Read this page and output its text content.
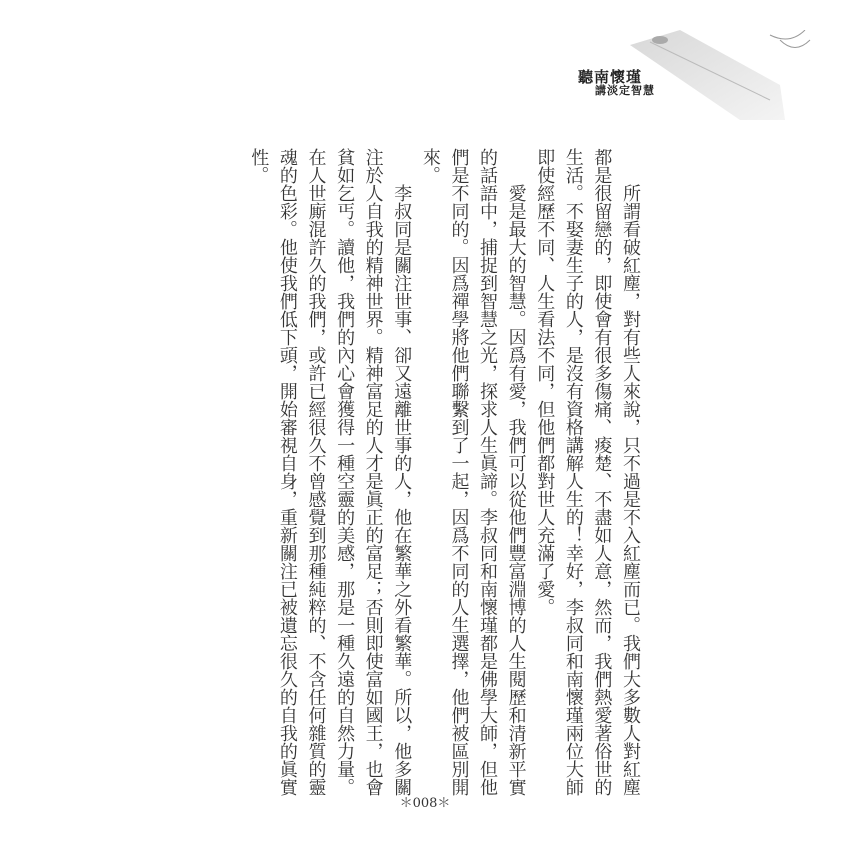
聽南懷瑾
講淡定智慧
所謂看破紅塵，對有些人來說，只不過是不入紅塵而已。我們大多數人對紅塵
都是很留戀的，即使會有很多傷痛、痠楚、不盡如人意，然而，我們熱愛著俗世的
生活。不娶妻生子的人，是沒有資格講解人生的！幸好，李叔同和南懷瑾兩位大師
即使經歷不同、人生看法不同，但他們都對世人充滿了愛。
愛是最大的智慧。因爲有愛，我們可以從他們豐富淵博的人生閱歷和清新平實
的話語中，捕捉到智慧之光，探求人生眞諦。李叔同和南懷瑾都是佛學大師，但他
們是不同的。因爲禪學將他們聯繫到了一起，因爲不同的人生選擇，他們被區別開
來。
李叔同是關注世事、卻又遠離世事的人，他在繁華之外看繁華。所以，他多關
注於人自我的精神世界。精神富足的人才是眞正的富足；否則即使富如國王，也會
貧如乞丐。讀他，我們的內心會獲得一種空靈的美感，那是一種久遠的自然力量。
在人世廝混許久的我們，或許已經很久不曾感覺到那種純粹的、不含任何雜質的靈
魂的色彩。他使我們低下頭，開始審視自身，重新關注已被遺忘很久的自我的眞實
性。
＊008＊
